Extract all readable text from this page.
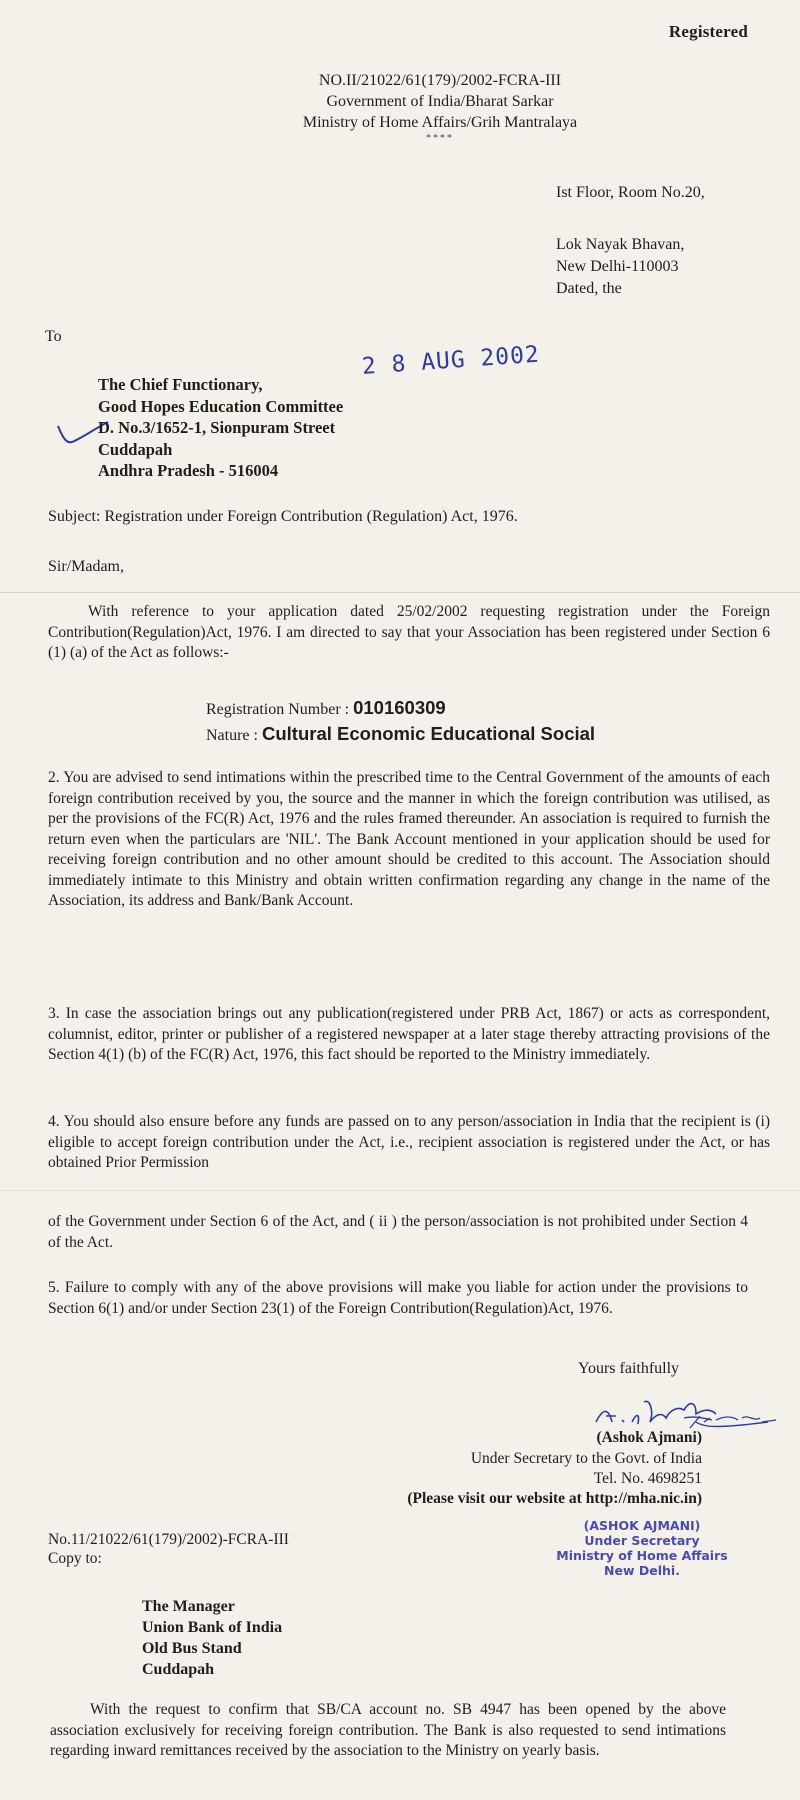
Registered
NO.II/21022/61(179)/2002-FCRA-III
Government of India/Bharat Sarkar
Ministry of Home Affairs/Grih Mantralaya
****
Ist Floor, Room No.20,
Lok Nayak Bhavan,
New Delhi-110003
Dated, the
To
2 8 AUG 2002
The Chief Functionary,
Good Hopes Education Committee
D. No.3/1652-1, Sionpuram Street
Cuddapah
Andhra Pradesh - 516004
Subject: Registration under Foreign Contribution (Regulation) Act, 1976.
Sir/Madam,
With reference to your application dated 25/02/2002 requesting registration under the Foreign Contribution(Regulation)Act, 1976. I am directed to say that your Association has been registered under Section 6 (1) (a) of the Act as follows:-
Registration Number : 010160309
Nature : Cultural Economic Educational Social
2. You are advised to send intimations within the prescribed time to the Central Government of the amounts of each foreign contribution received by you, the source and the manner in which the foreign contribution was utilised, as per the provisions of the FC(R) Act, 1976 and the rules framed thereunder. An association is required to furnish the return even when the particulars are 'NIL'. The Bank Account mentioned in your application should be used for receiving foreign contribution and no other amount should be credited to this account. The Association should immediately intimate to this Ministry and obtain written confirmation regarding any change in the name of the Association, its address and Bank/Bank Account.
3. In case the association brings out any publication(registered under PRB Act, 1867) or acts as correspondent, columnist, editor, printer or publisher of a registered newspaper at a later stage thereby attracting provisions of the Section 4(1) (b) of the FC(R) Act, 1976, this fact should be reported to the Ministry immediately.
4. You should also ensure before any funds are passed on to any person/association in India that the recipient is (i) eligible to accept foreign contribution under the Act, i.e., recipient association is registered under the Act, or has obtained Prior Permission
of the Government under Section 6 of the Act, and ( ii ) the person/association is not prohibited under Section 4 of the Act.
5. Failure to comply with any of the above provisions will make you liable for action under the provisions to Section 6(1) and/or under Section 23(1) of the Foreign Contribution(Regulation)Act, 1976.
Yours faithfully
(Ashok Ajmani)
Under Secretary to the Govt. of India
Tel. No. 4698251
(Please visit our website at http://mha.nic.in)
No.11/21022/61(179)/2002)-FCRA-III
Copy to:
(ASHOK AJMANI)
Under Secretary
Ministry of Home Affairs
New Delhi.
The Manager
Union Bank of India
Old Bus Stand
Cuddapah
With the request to confirm that SB/CA account no. SB 4947 has been opened by the above association exclusively for receiving foreign contribution. The Bank is also requested to send intimations regarding inward remittances received by the association to the Ministry on yearly basis.
